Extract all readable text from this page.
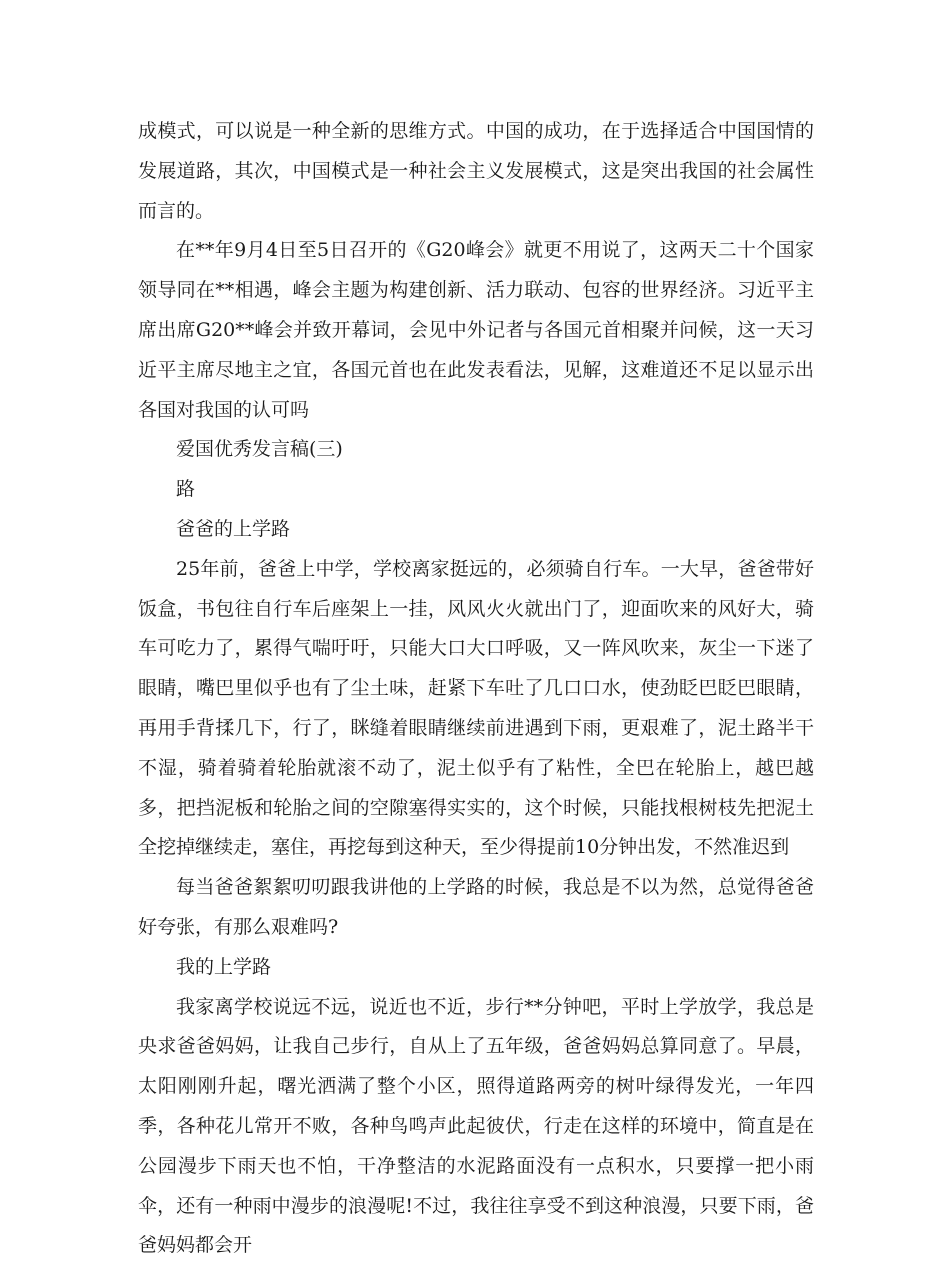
成模式，可以说是一种全新的思维方式。中国的成功，在于选择适合中国国情的发展道路，其次，中国模式是一种社会主义发展模式，这是突出我国的社会属性而言的。

在**年9月4日至5日召开的《G20峰会》就更不用说了，这两天二十个国家领导同在**相遇，峰会主题为构建创新、活力联动、包容的世界经济。习近平主席出席G20**峰会并致开幕词，会见中外记者与各国元首相聚并问候，这一天习近平主席尽地主之宜，各国元首也在此发表看法，见解，这难道还不足以显示出各国对我国的认可吗

爱国优秀发言稿(三)

路

爸爸的上学路

25年前，爸爸上中学，学校离家挺远的，必须骑自行车。一大早，爸爸带好饭盒，书包往自行车后座架上一挂，风风火火就出门了，迎面吹来的风好大，骑车可吃力了，累得气喘吁吁，只能大口大口呼吸，又一阵风吹来，灰尘一下迷了眼睛，嘴巴里似乎也有了尘土味，赶紧下车吐了几口口水，使劲眨巴眨巴眼睛，再用手背揉几下，行了，眯缝着眼睛继续前进遇到下雨，更艰难了，泥土路半干不湿，骑着骑着轮胎就滚不动了，泥土似乎有了粘性，全巴在轮胎上，越巴越多，把挡泥板和轮胎之间的空隙塞得实实的，这个时候，只能找根树枝先把泥土全挖掉继续走，塞住，再挖每到这种天，至少得提前10分钟出发，不然准迟到

每当爸爸絮絮叨叨跟我讲他的上学路的时候，我总是不以为然，总觉得爸爸好夸张，有那么艰难吗?

我的上学路

我家离学校说远不远，说近也不近，步行**分钟吧，平时上学放学，我总是央求爸爸妈妈，让我自己步行，自从上了五年级，爸爸妈妈总算同意了。早晨，太阳刚刚升起，曙光洒满了整个小区，照得道路两旁的树叶绿得发光，一年四季，各种花儿常开不败，各种鸟鸣声此起彼伏，行走在这样的环境中，简直是在公园漫步下雨天也不怕，干净整洁的水泥路面没有一点积水，只要撑一把小雨伞，还有一种雨中漫步的浪漫呢!不过，我往往享受不到这种浪漫，只要下雨，爸爸妈妈都会开
